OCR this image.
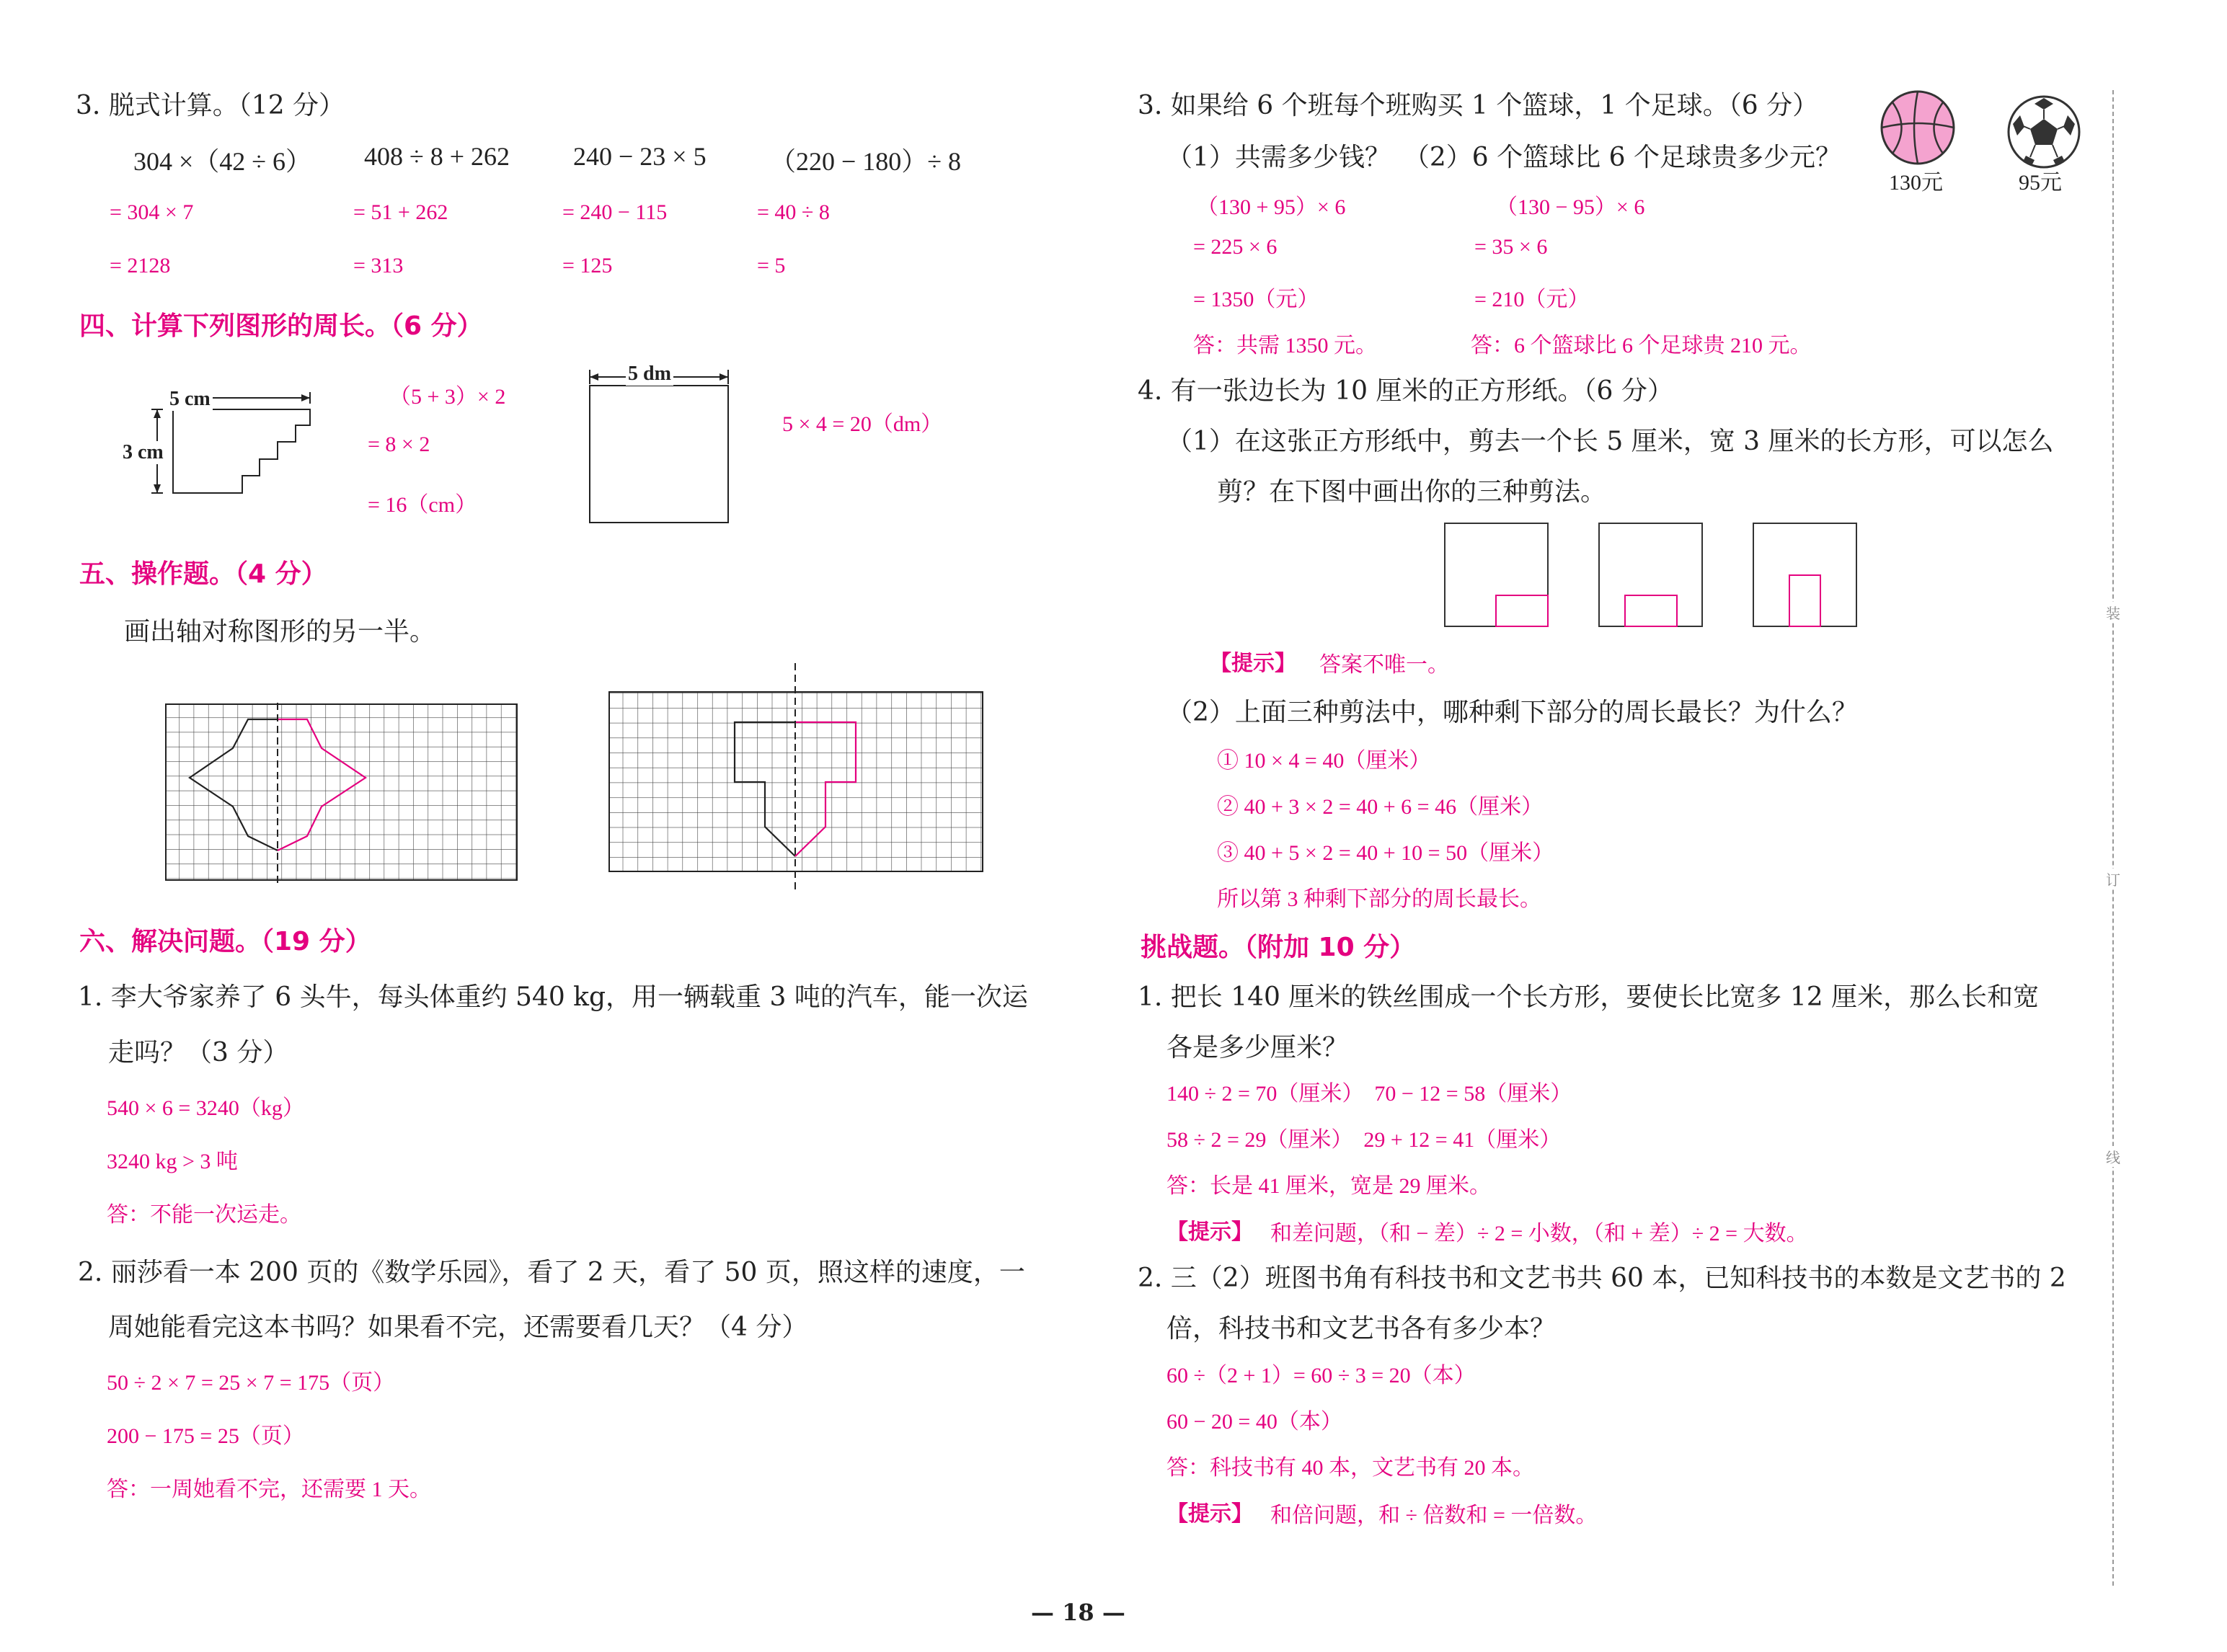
3. 脱式计算。（12 分）
304 ×（42 ÷ 6） 408 ÷ 8 + 262 240 − 23 × 5 （220 − 180）÷ 8
= 304 × 7	= 51 + 262	= 240 − 115	= 40 ÷ 8
= 2128	= 313	= 125	= 5
四、计算下列图形的周长。（6 分）
5 cm
3 cm
（5 + 3）× 2
= 8 × 2
= 16（cm）
5 dm
5 × 4 = 20（dm）
五、操作题。（4 分）
画出轴对称图形的另一半。
六、解决问题。（19 分）
1. 李大爷家养了 6 头牛，每头体重约 540 kg，用一辆载重 3 吨的汽车，能一次运
走吗？（3 分）
540 × 6 = 3240（kg）
3240 kg > 3 吨
答：不能一次运走。
2. 丽莎看一本 200 页的《数学乐园》，看了 2 天，看了 50 页，照这样的速度，一
周她能看完这本书吗？如果看不完，还需要看几天？（4 分）
50 ÷ 2 × 7 = 25 × 7 = 175（页）
200 − 175 = 25（页）
答：一周她看不完，还需要 1 天。
3. 如果给 6 个班每个班购买 1 个篮球，1 个足球。（6 分）
（1）共需多少钱？　（2）6 个篮球比 6 个足球贵多少元？
130元	95元
（130 + 95）× 6
= 225 × 6
= 1350（元）
答：共需 1350 元。
（130 − 95）× 6
= 35 × 6
= 210（元）
答：6 个篮球比 6 个足球贵 210 元。
4. 有一张边长为 10 厘米的正方形纸。（6 分）
（1）在这张正方形纸中，剪去一个长 5 厘米，宽 3 厘米的长方形，可以怎么
剪？在下图中画出你的三种剪法。
【提示】 答案不唯一。
（2）上面三种剪法中，哪种剩下部分的周长最长？为什么？
① 10 × 4 = 40（厘米）
② 40 + 3 × 2 = 40 + 6 = 46（厘米）
③ 40 + 5 × 2 = 40 + 10 = 50（厘米）
所以第 3 种剩下部分的周长最长。
挑战题。（附加 10 分）
1. 把长 140 厘米的铁丝围成一个长方形，要使长比宽多 12 厘米，那么长和宽
各是多少厘米？
140 ÷ 2 = 70（厘米）　70 − 12 = 58（厘米）
58 ÷ 2 = 29（厘米）　29 + 12 = 41（厘米）
答：长是 41 厘米，宽是 29 厘米。
【提示】 和差问题，（和 − 差）÷ 2 = 小数，（和 + 差）÷ 2 = 大数。
2. 三（2）班图书角有科技书和文艺书共 60 本，已知科技书的本数是文艺书的 2
倍，科技书和文艺书各有多少本？
60 ÷（2 + 1）= 60 ÷ 3 = 20（本）
60 − 20 = 40（本）
答：科技书有 40 本，文艺书有 20 本。
【提示】 和倍问题，和 ÷ 倍数和 = 一倍数。
装
订
线
— 18 —
